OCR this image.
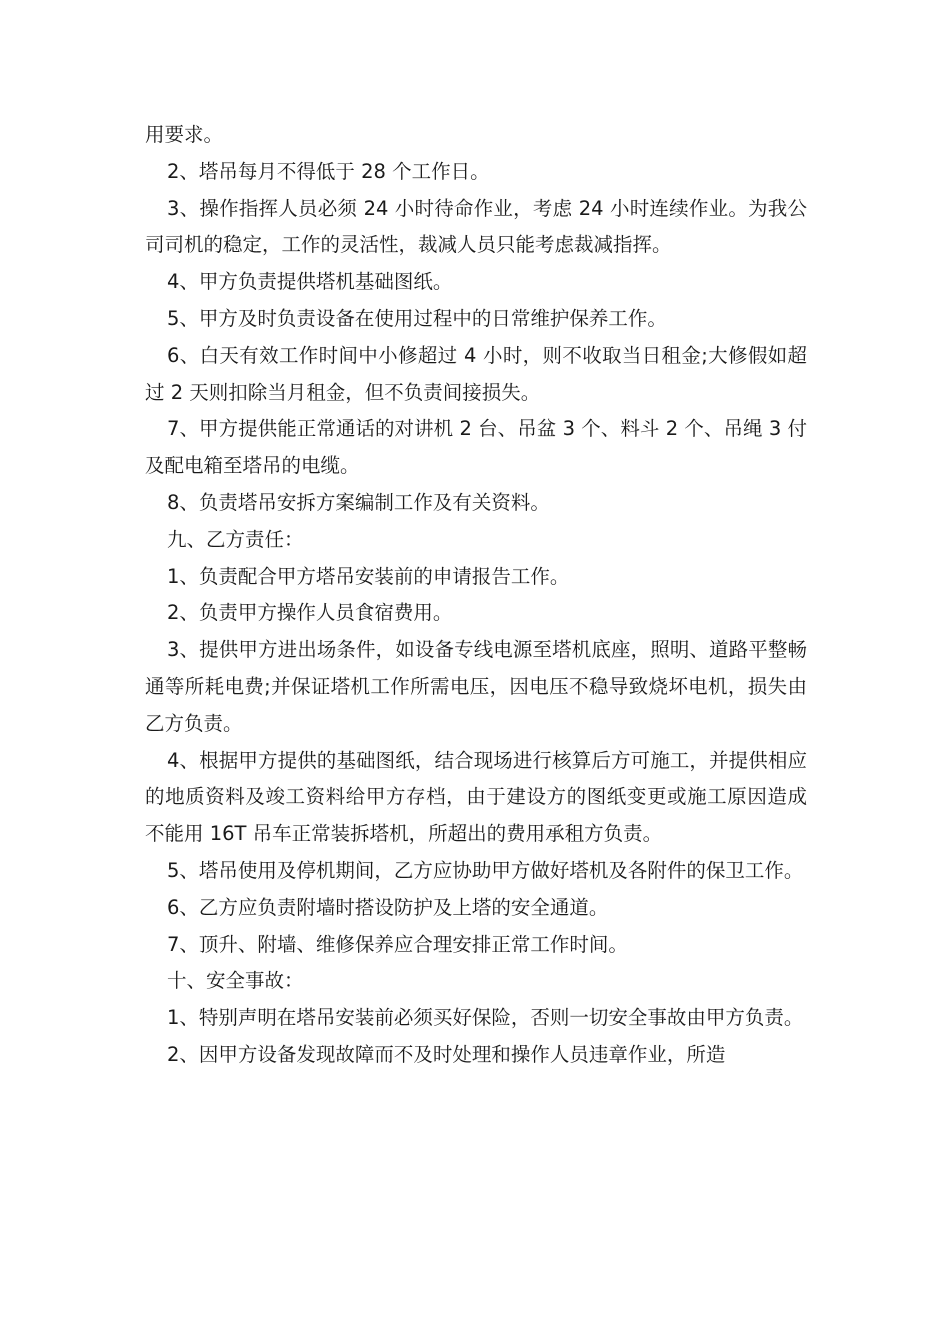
用要求。

2、塔吊每月不得低于 28 个工作日。

3、操作指挥人员必须 24 小时待命作业，考虑 24 小时连续作业。为我公司司机的稳定，工作的灵活性，裁减人员只能考虑裁减指挥。

4、甲方负责提供塔机基础图纸。

5、甲方及时负责设备在使用过程中的日常维护保养工作。

6、白天有效工作时间中小修超过 4 小时，则不收取当日租金;大修假如超过 2 天则扣除当月租金，但不负责间接损失。

7、甲方提供能正常通话的对讲机 2 台、吊盆 3 个、料斗 2 个、吊绳 3 付及配电箱至塔吊的电缆。

8、负责塔吊安拆方案编制工作及有关资料。

九、乙方责任：

1、负责配合甲方塔吊安装前的申请报告工作。

2、负责甲方操作人员食宿费用。

3、提供甲方进出场条件，如设备专线电源至塔机底座，照明、道路平整畅通等所耗电费;并保证塔机工作所需电压，因电压不稳导致烧坏电机，损失由乙方负责。

4、根据甲方提供的基础图纸，结合现场进行核算后方可施工，并提供相应的地质资料及竣工资料给甲方存档，由于建设方的图纸变更或施工原因造成不能用 16T 吊车正常装拆塔机，所超出的费用承租方负责。

5、塔吊使用及停机期间，乙方应协助甲方做好塔机及各附件的保卫工作。

6、乙方应负责附墙时搭设防护及上塔的安全通道。

7、顶升、附墙、维修保养应合理安排正常工作时间。

十、安全事故：

1、特别声明在塔吊安装前必须买好保险，否则一切安全事故由甲方负责。

2、因甲方设备发现故障而不及时处理和操作人员违章作业，所造
